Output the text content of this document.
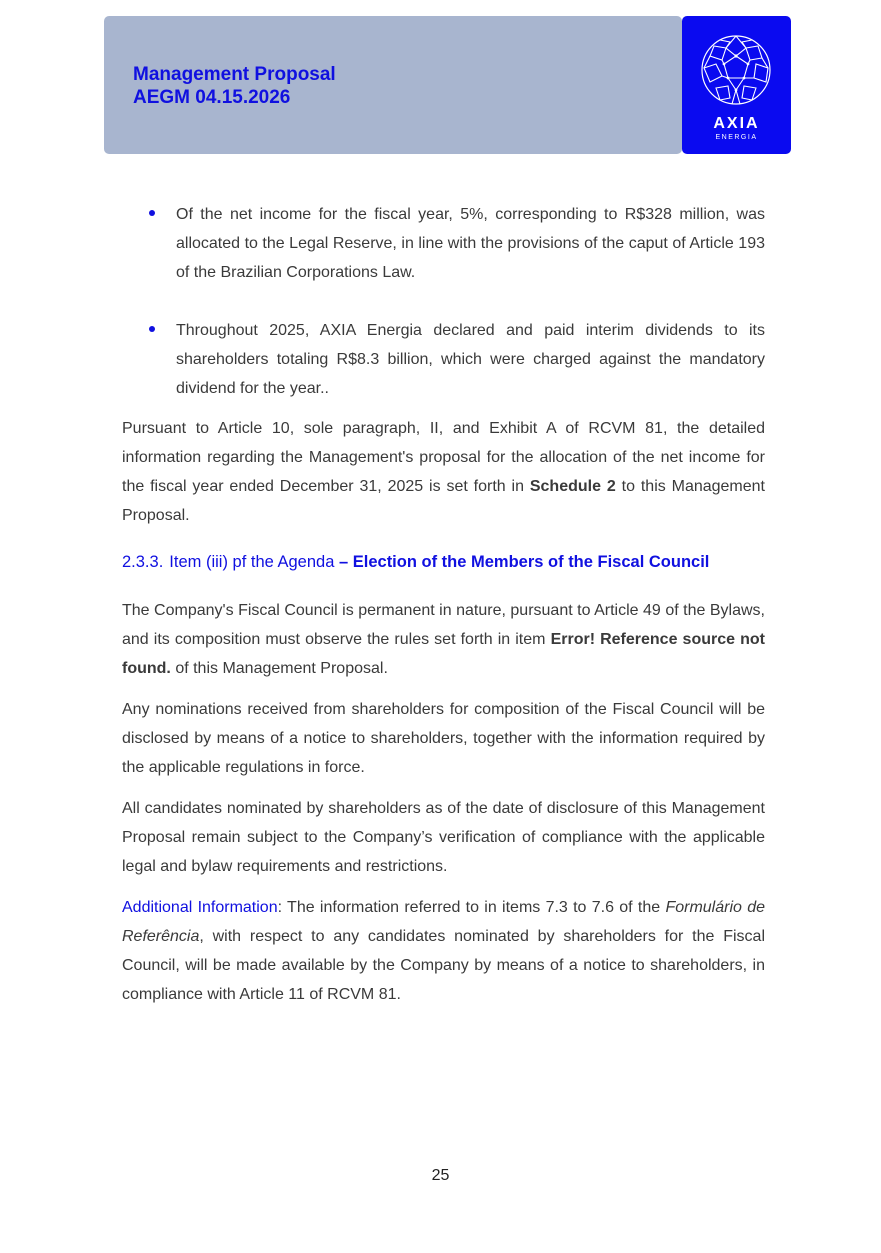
Management Proposal
AEGM 04.15.2026
AXIA
ENERGIA
Of the net income for the fiscal year, 5%, corresponding to R$328 million, was allocated to the Legal Reserve, in line with the provisions of the caput of Article 193 of the Brazilian Corporations Law.
Throughout 2025, AXIA Energia declared and paid interim dividends to its shareholders totaling R$8.3 billion, which were charged against the mandatory dividend for the year..

Pursuant to Article 10, sole paragraph, II, and Exhibit A of RCVM 81, the detailed information regarding the Management's proposal for the allocation of the net income for the fiscal year ended December 31, 2025 is set forth in Schedule 2 to this Management Proposal.

2.3.3. Item (iii) pf the Agenda – Election of the Members of the Fiscal Council

The Company's Fiscal Council is permanent in nature, pursuant to Article 49 of the Bylaws, and its composition must observe the rules set forth in item Error! Reference source not found. of this Management Proposal.

Any nominations received from shareholders for composition of the Fiscal Council will be disclosed by means of a notice to shareholders, together with the information required by the applicable regulations in force.

All candidates nominated by shareholders as of the date of disclosure of this Management Proposal remain subject to the Company’s verification of compliance with the applicable legal and bylaw requirements and restrictions.

Additional Information: The information referred to in items 7.3 to 7.6 of the Formulário de Referência, with respect to any candidates nominated by shareholders for the Fiscal Council, will be made available by the Company by means of a notice to shareholders, in compliance with Article 11 of RCVM 81.

25
